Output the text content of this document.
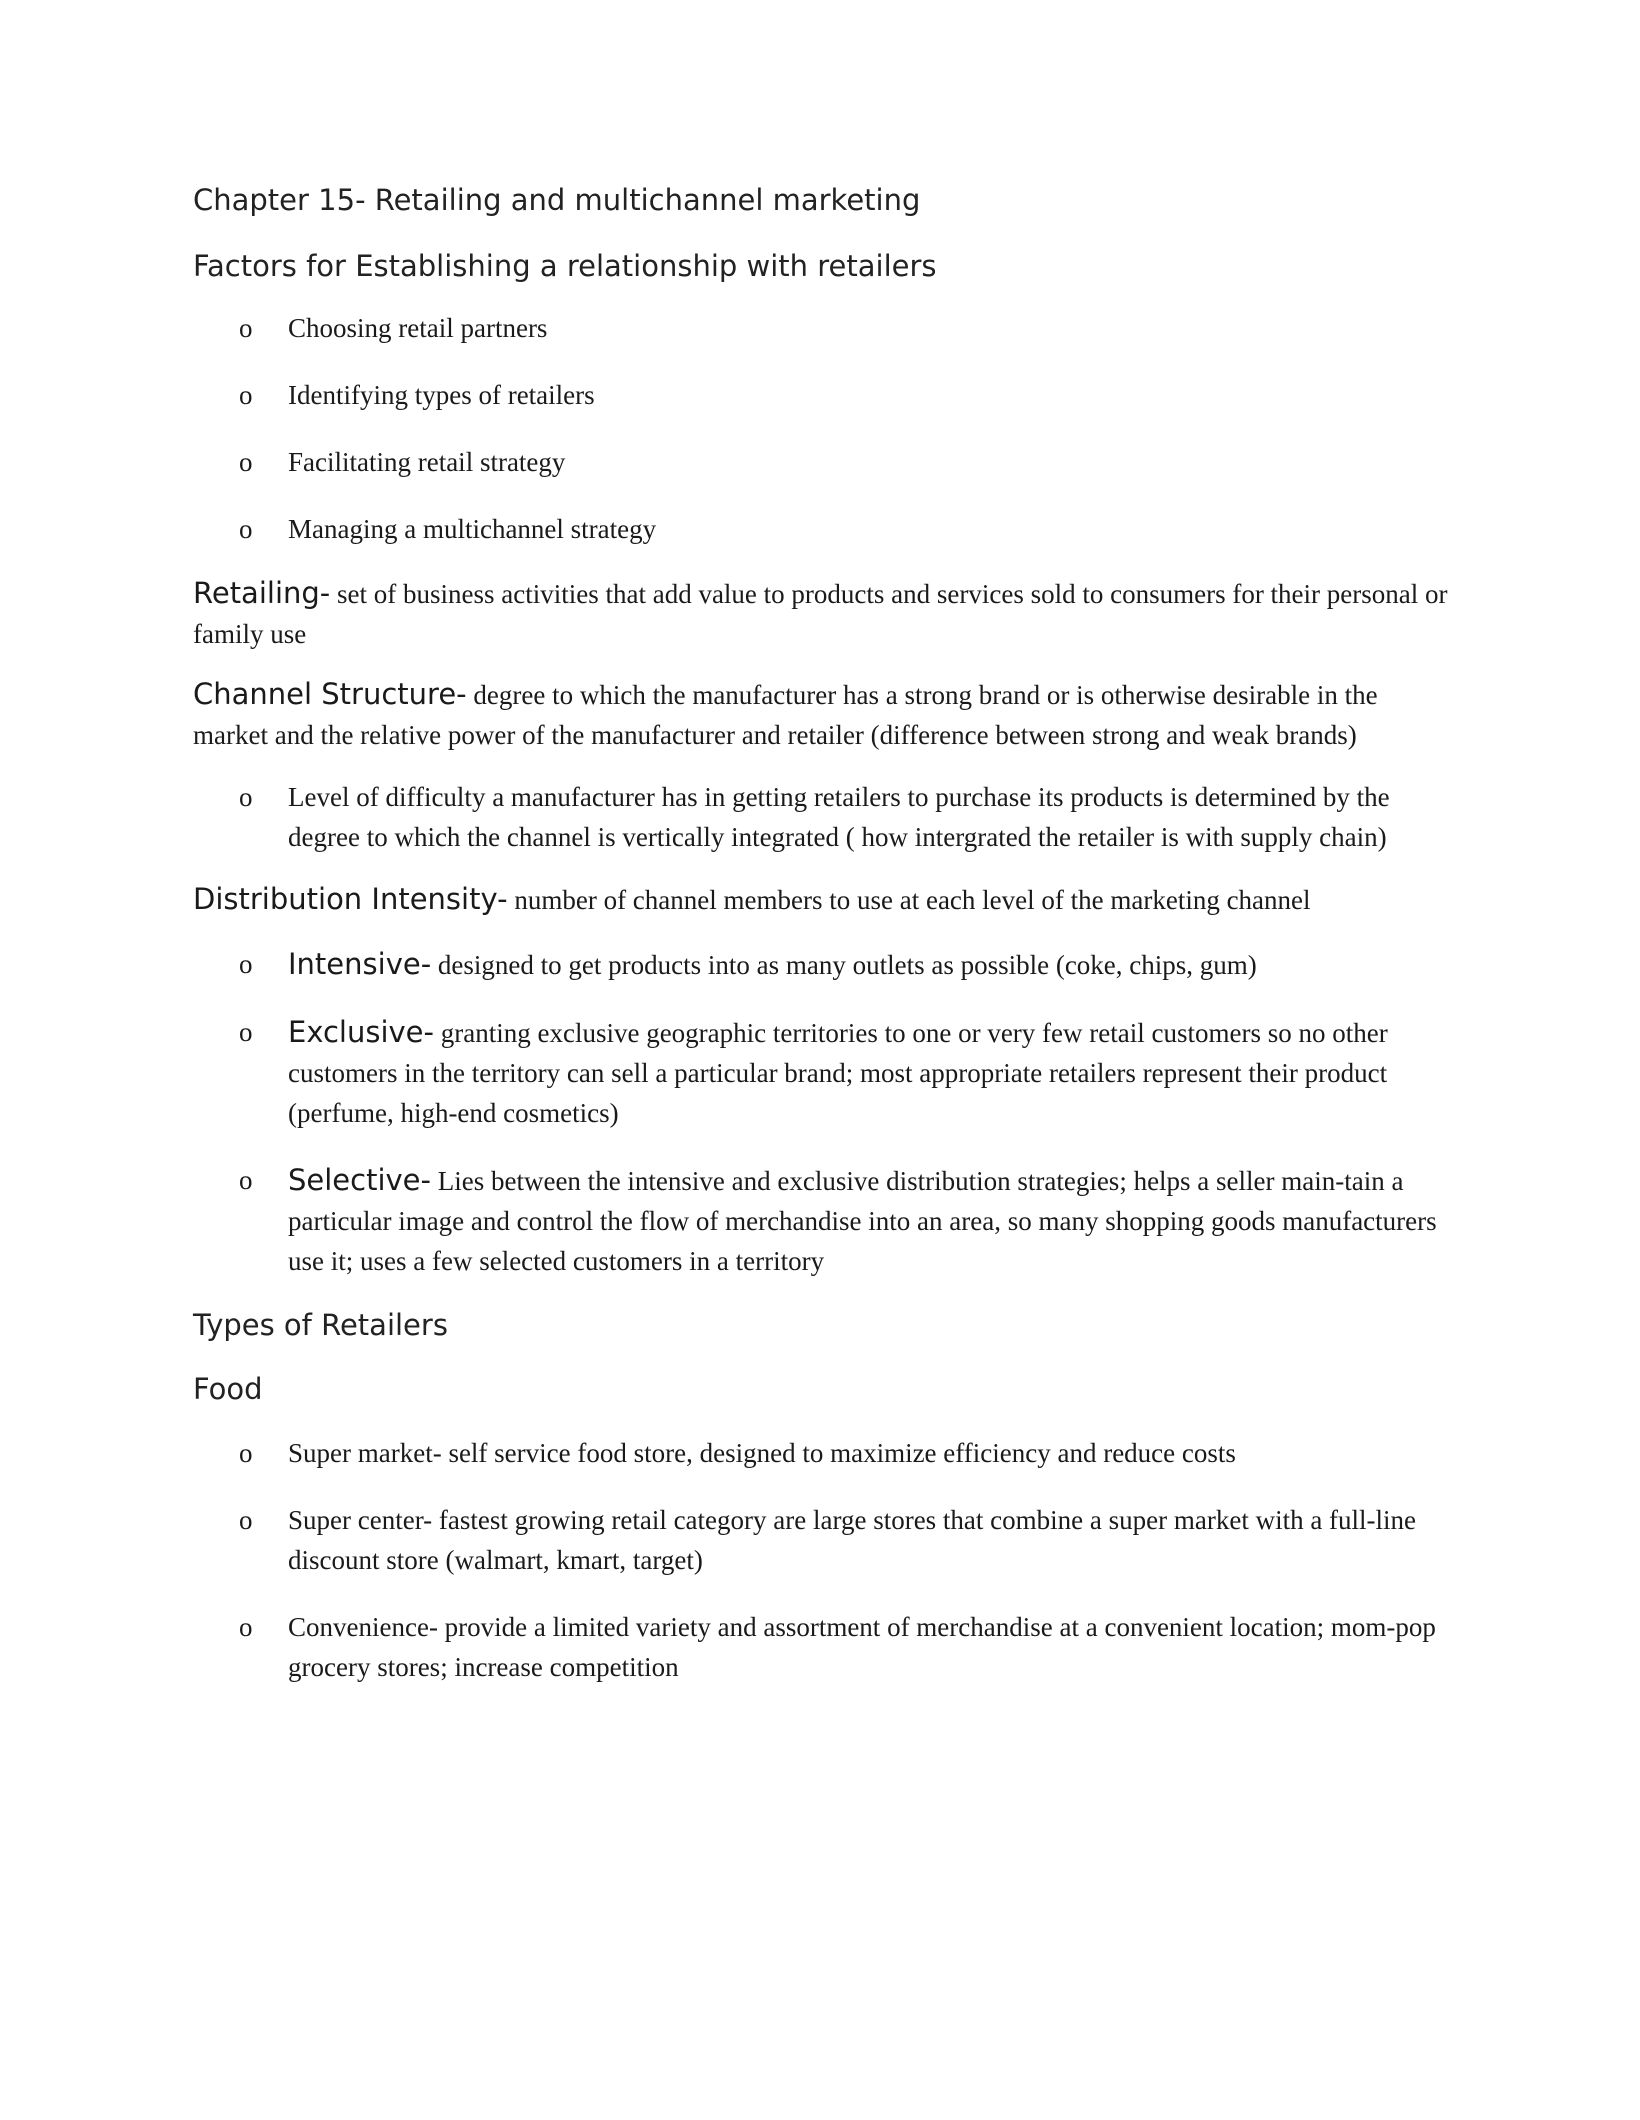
Chapter 15- Retailing and multichannel marketing
Factors for Establishing a relationship with retailers
o Choosing retail partners
o Identifying types of retailers
o Facilitating retail strategy
o Managing a multichannel strategy

Retailing- set of business activities that add value to products and services sold to consumers for their personal or family use

Channel Structure- degree to which the manufacturer has a strong brand or is otherwise desirable in the market and the relative power of the manufacturer and retailer (difference between strong and weak brands)

o Level of difficulty a manufacturer has in getting retailers to purchase its products is determined by the degree to which the channel is vertically integrated ( how intergrated the retailer is with supply chain)

Distribution Intensity- number of channel members to use at each level of the marketing channel

o Intensive- designed to get products into as many outlets as possible (coke, chips, gum)
o Exclusive- granting exclusive geographic territories to one or very few retail customers so no other customers in the territory can sell a particular brand; most appropriate retailers represent their product (perfume, high-end cosmetics)
o Selective- Lies between the intensive and exclusive distribution strategies; helps a seller main-tain a particular image and control the flow of merchandise into an area, so many shopping goods manufacturers use it; uses a few selected customers in a territory
Types of Retailers
Food
o Super market- self service food store, designed to maximize efficiency and reduce costs
o Super center- fastest growing retail category are large stores that combine a super market with a full-line discount store (walmart, kmart, target)
o Convenience- provide a limited variety and assortment of merchandise at a convenient location; mom-pop grocery stores; increase competition
